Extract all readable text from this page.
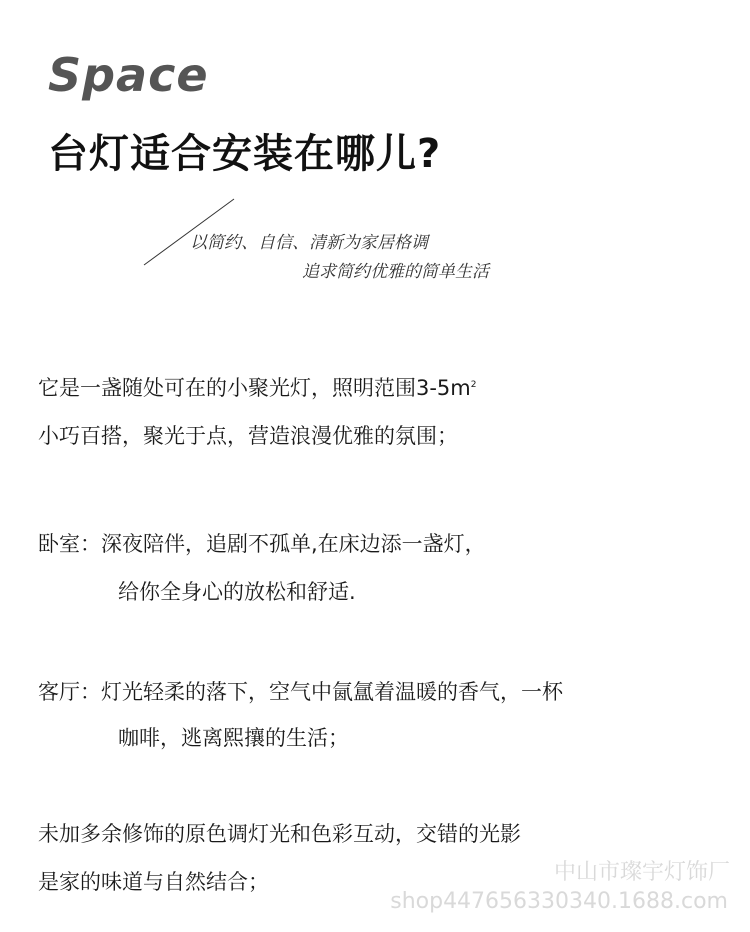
Space
台灯适合安装在哪儿?
以简约、自信、清新为家居格调
追求简约优雅的简单生活
它是一盏随处可在的小聚光灯，照明范围$3-5m^2$
小巧百搭，聚光于点，营造浪漫优雅的氛围；
卧室：深夜陪伴，追剧不孤单,在床边添一盏灯，
给你全身心的放松和舒适.
客厅：灯光轻柔的落下，空气中氤氲着温暖的香气，一杯
咖啡，逃离熙攘的生活；
未加多余修饰的原色调灯光和色彩互动，交错的光影
是家的味道与自然结合；	中山市璨宇灯饰厂
shop447656330340.1688.com
